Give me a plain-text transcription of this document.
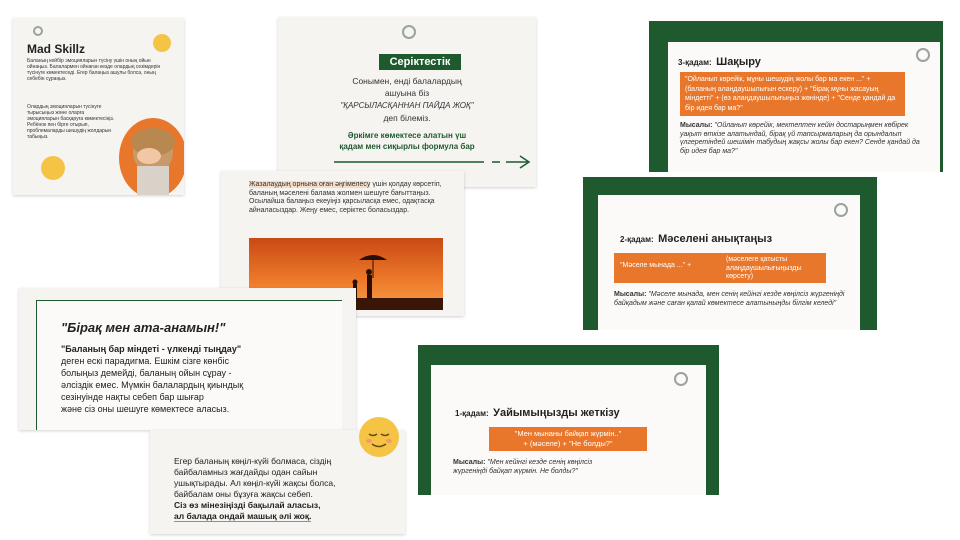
Mad Skillz
Баланың кейбір эмоцияларын түсіну үшін оның ойын ойнаңыз. Балалармен ойнаған кезде олардың сезімдерін түсінуге көмектеседі. Егер балаңыз ашулы болса, оның себебін сұраңыз.
Олардың эмоцияларын түсінуге тырысыңыз және оларға эмоцияларын басқаруға көмектесіңіз. Ребёнок пен бірге отырып, проблемаларды шешудің жолдарын табыңыз.
Серіктестік
Сонымен, енді балалардың
ашуына біз
"ҚАРСЫЛАСҚАННАН ПАЙДА ЖОҚ"
деп білеміз.
Әркімге көмектесе алатын үш
қадам мен сиқырлы формула бар
3-қадам: Шақыру
"Ойланып көрейік, мұны шешудің жолы бар ма екен ..." + (баланың алаңдаушылығын ескеру) + "бірақ мұны жасауың міндетті" + (өз алаңдаушылығыңыз жөнінде) + "Сенде қандай да бір идея бар ма?"
Мысалы: "Ойланып көрейік, мектептен кейін достарыңмен көбірек уақыт өткізе алатындай, бірақ үй тапсырмаларың да орындалып үлгеретіндей шешімін табудың жақсы жолы бар екен? Сенде қандай да бір идея бар ма?"
Жазалаудың орнына оған әңгімелесу үшін қолдау көрсетіп, баланың мәселені балама жолмен шешуге бағыттаңыз. Осылайша балаңыз екеуіңіз қарсыласқа емес, одақтасқа айналасыздар. Жеңу емес, серіктес боласыздар.
2-қадам: Мәселені анықтаңыз
"Мәселе мынада ..." +
(мәселеге қатысты алаңдаушылығыңызды көрсету)
Мысалы: "Мәселе мынада, мен сенің кейінгі кезде көңілсіз жүргеніңді байқадым және саған қалай көмектесе алатыныңды білгім келеді"
"Бірақ мен ата-анамын!"
"Баланың бар міндеті - үлкенді тыңдау"
деген ескі парадигма. Ешкім сізге көнбіс
болыңыз демейді, баланың ойын сұрау -
әлсіздік емес. Мүмкін балалардың қиындық
сезінуінде нақты себеп бар шығар
және сіз оны шешуге көмектесе аласыз.
Егер баланың көңіл-күйі болмаса, сіздің
байбаламныз жағдайды одан сайын
ушықтырады. Ал көңіл-күйі жақсы болса,
байбалам оны бұзуға жақсы себеп.
Сіз өз мінезіңізді бақылай аласыз,
ал балада ондай машық әлі жоқ.
1-қадам: Уайымыңызды жеткізу
"Мен мынаны байқап жүрмін.."
+ (мәселе) + "Не болды?"
Мысалы: "Мен кейінгі кезде сенің көңілсіз
жүргеніңді байқап жүрмін. Не болды?"
